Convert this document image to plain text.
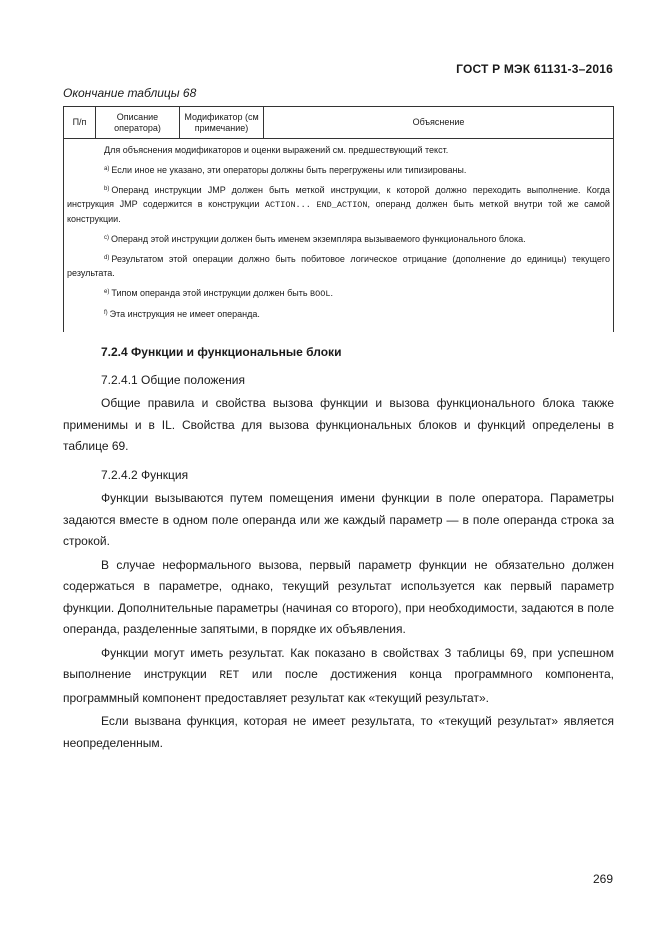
ГОСТ Р МЭК 61131-3–2016
Окончание таблицы 68
П/п	Описание оператора)	Модификатор (см примечание)	Объяснение

Для объяснения модификаторов и оценки выражений см. предшествующий текст.

$^{a)}$ Если иное не указано, эти операторы должны быть перегружены или типизированы.

$^{b)}$ Операнд инструкции JMP должен быть меткой инструкции, к которой должно переходить выполнение. Когда инструкция JMP содержится в конструкции ACTION... END_ACTION, операнд должен быть меткой внутри той же самой конструкции.

$^{c)}$ Операнд этой инструкции должен быть именем экземпляра вызываемого функционального блока.

$^{d)}$ Результатом этой операции должно быть побитовое логическое отрицание (дополнение до единицы) текущего результата.

$^{e)}$ Типом операнда этой инструкции должен быть BOOL.

$^{f)}$ Эта инструкция не имеет операнда.

7.2.4 Функции и функциональные блоки

7.2.4.1 Общие положения

Общие правила и свойства вызова функции и вызова функционального блока также применимы и в IL. Свойства для вызова функциональных блоков и функций определены в таблице 69.

7.2.4.2 Функция

Функции вызываются путем помещения имени функции в поле оператора. Параметры задаются вместе в одном поле операнда или же каждый параметр — в поле операнда строка за строкой.

В случае неформального вызова, первый параметр функции не обязательно должен содержаться в параметре, однако, текущий результат используется как первый параметр функции. Дополнительные параметры (начиная со второго), при необходимости, задаются в поле операнда, разделенные запятыми, в порядке их объявления.

Функции могут иметь результат. Как показано в свойствах 3 таблицы 69, при успешном выполнение инструкции RET или после достижения конца программного компонента, программный компонент предоставляет результат как «текущий результат».

Если вызвана функция, которая не имеет результата, то «текущий результат» является неопределенным.

269
